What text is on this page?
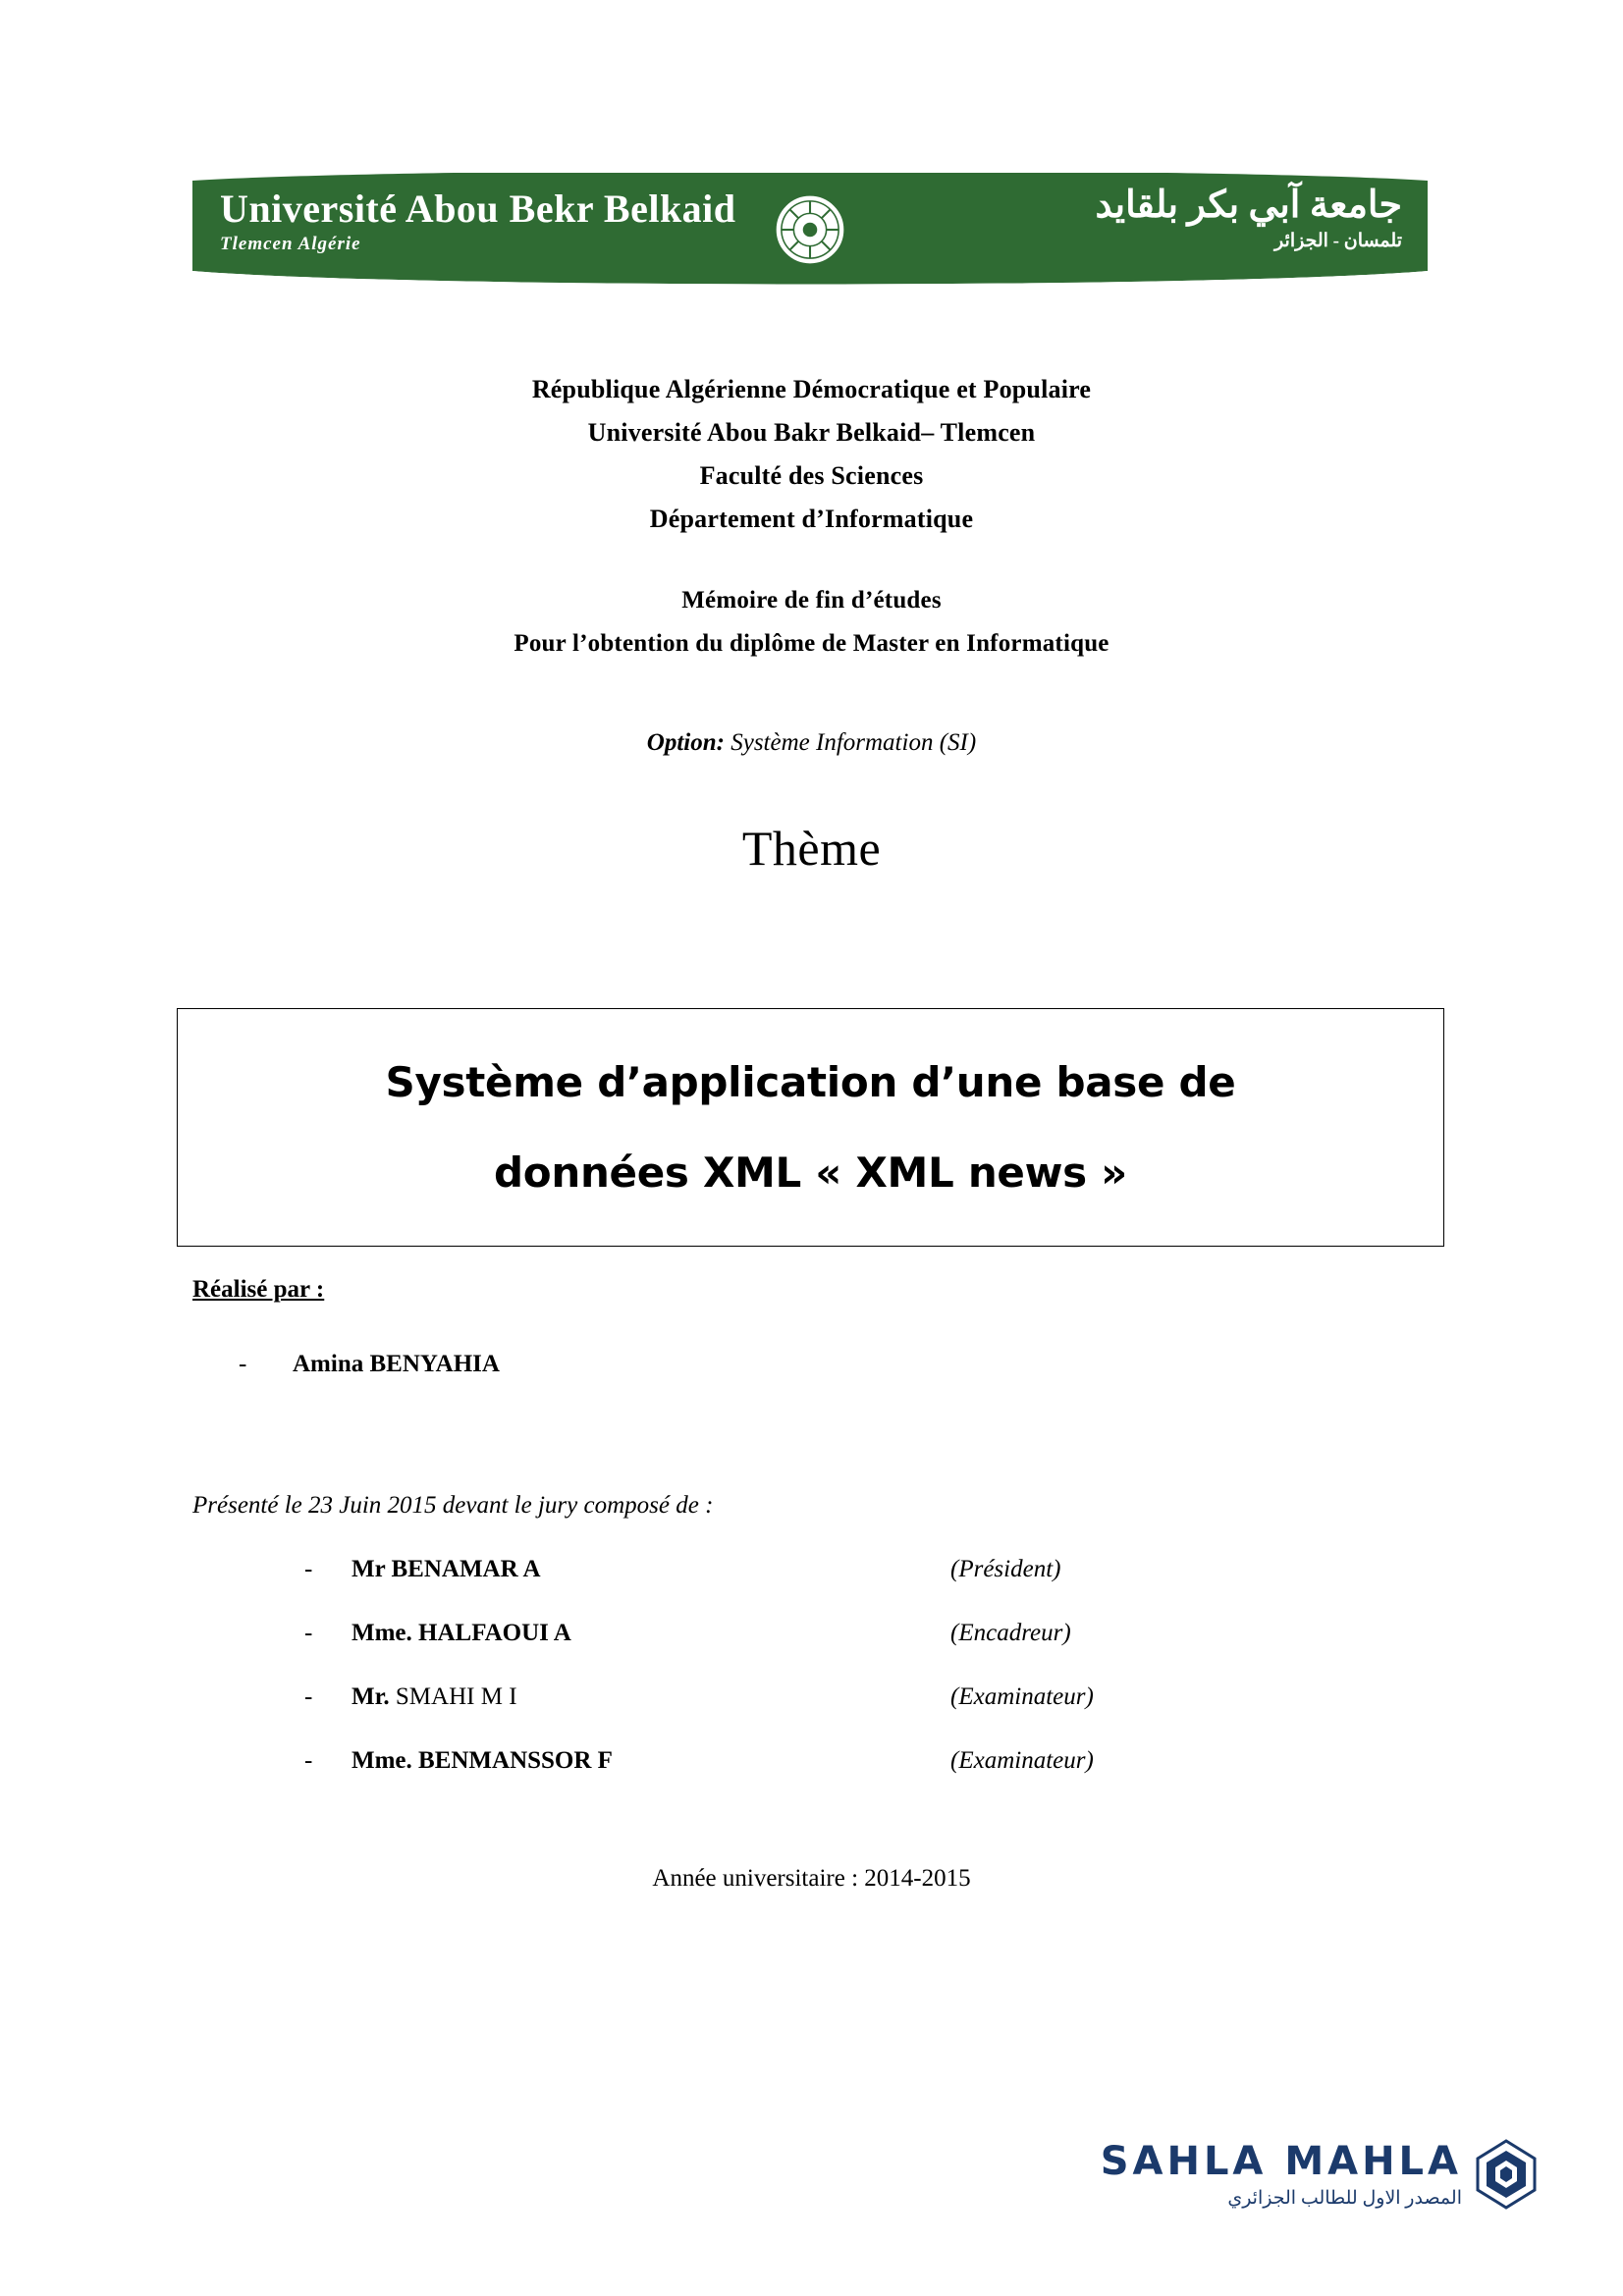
Université Abou Bekr Belkaid
Tlemcen Algérie
جامعة آبي بكر بلقايد
تلمسان - الجزائر
République Algérienne Démocratique et Populaire
Université Abou Bakr Belkaid– Tlemcen
Faculté des Sciences
Département d’Informatique
Mémoire de fin d’études
Pour l’obtention du diplôme de Master en Informatique
Option: Système Information (SI)
Thème
Système d’application d’une base de
données XML « XML news »
Réalisé par :
-	Amina BENYAHIA
Présenté le 23 Juin 2015 devant le jury composé de :
-	Mr BENAMAR A	(Président)
-	Mme. HALFAOUI A	(Encadreur)
-	Mr. SMAHI M I	(Examinateur)
-	Mme. BENMANSSOR F	(Examinateur)
Année universitaire : 2014-2015
SAHLA MAHLA
المصدر الاول للطالب الجزائري
